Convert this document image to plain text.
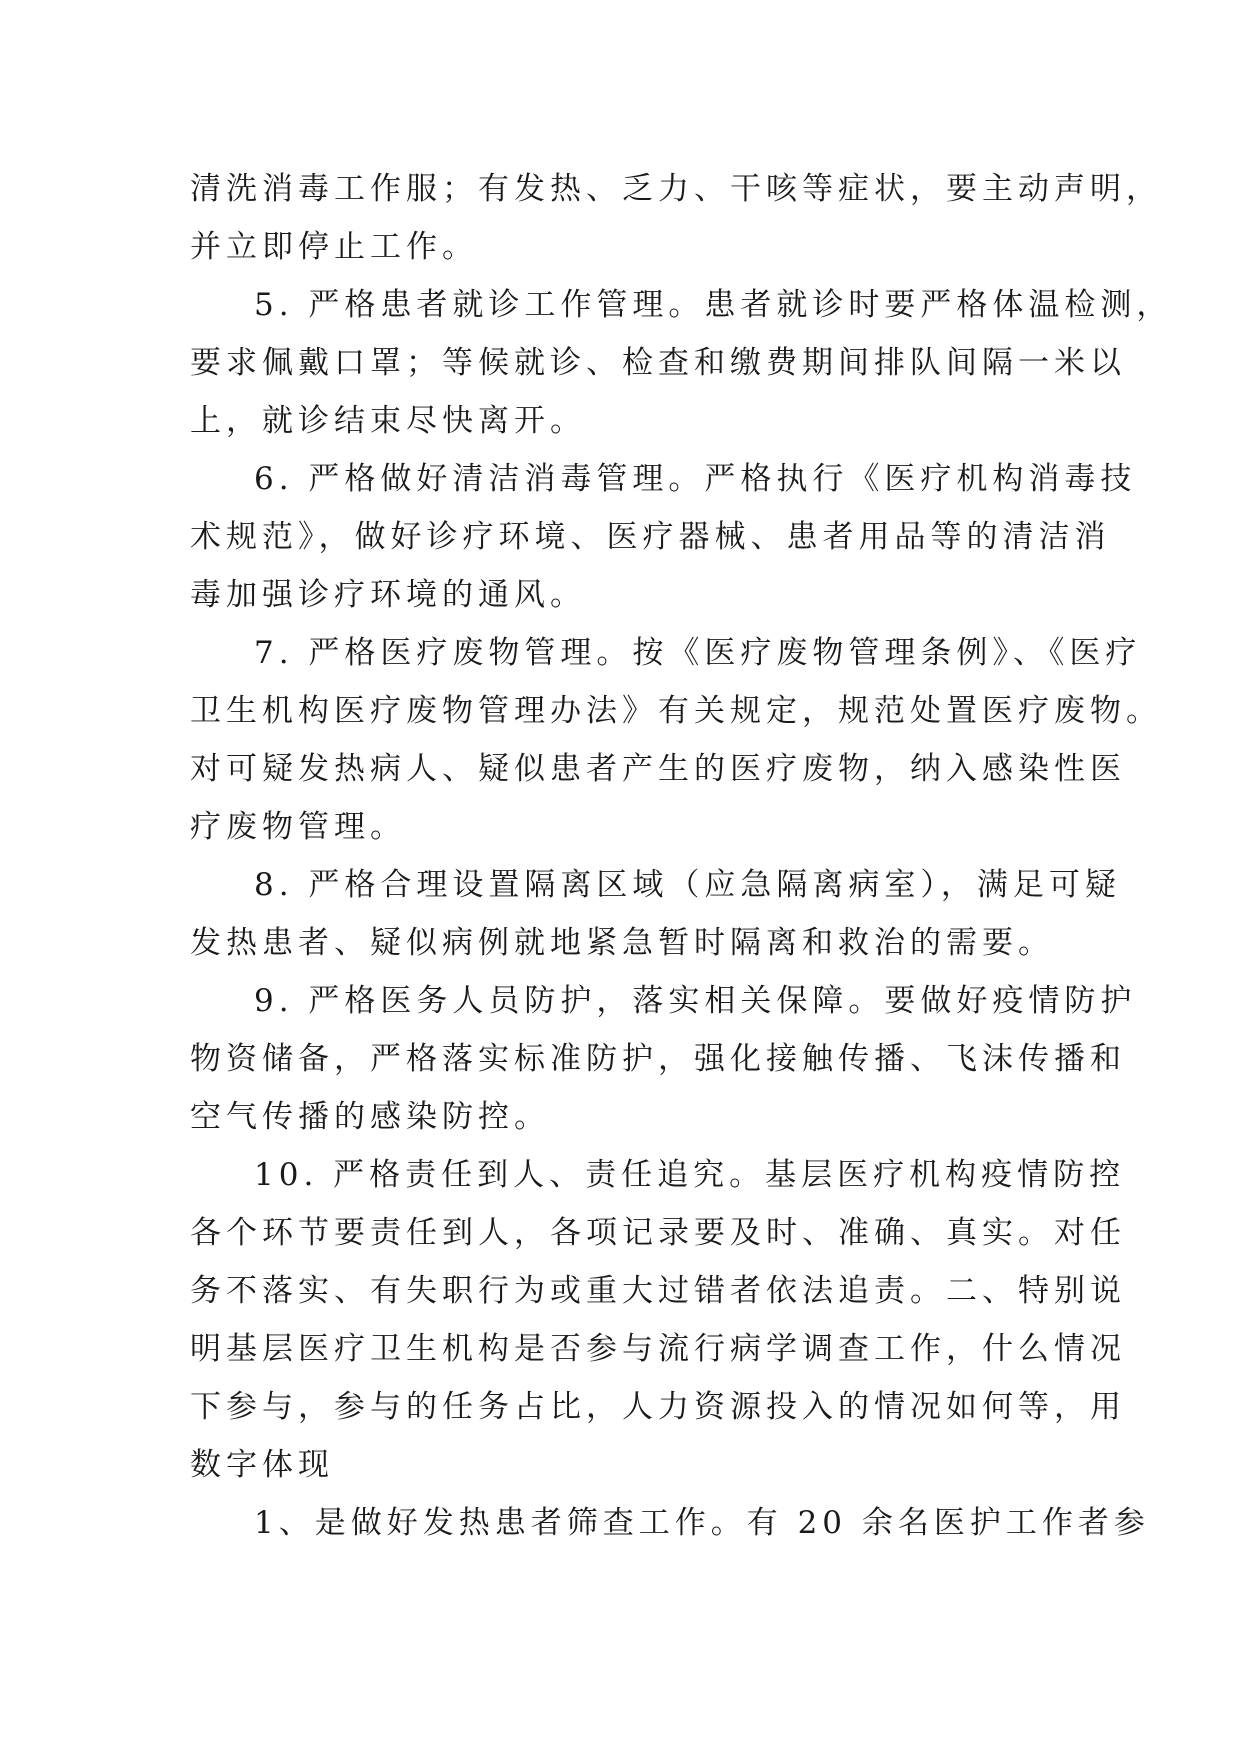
清洗消毒工作服；有发热、乏力、干咳等症状，要主动声明，
并立即停止工作。
5. 严格患者就诊工作管理。患者就诊时要严格体温检测，
要求佩戴口罩；等候就诊、检查和缴费期间排队间隔一米以
上，就诊结束尽快离开。
6. 严格做好清洁消毒管理。严格执行《医疗机构消毒技
术规范》，做好诊疗环境、医疗器械、患者用品等的清洁消
毒加强诊疗环境的通风。
7. 严格医疗废物管理。按《医疗废物管理条例》、《医疗
卫生机构医疗废物管理办法》有关规定，规范处置医疗废物。
对可疑发热病人、疑似患者产生的医疗废物，纳入感染性医
疗废物管理。
8. 严格合理设置隔离区域（应急隔离病室），满足可疑
发热患者、疑似病例就地紧急暂时隔离和救治的需要。
9. 严格医务人员防护，落实相关保障。要做好疫情防护
物资储备，严格落实标准防护，强化接触传播、飞沫传播和
空气传播的感染防控。
10. 严格责任到人、责任追究。基层医疗机构疫情防控
各个环节要责任到人，各项记录要及时、准确、真实。对任
务不落实、有失职行为或重大过错者依法追责。二、特别说
明基层医疗卫生机构是否参与流行病学调查工作，什么情况
下参与，参与的任务占比，人力资源投入的情况如何等，用
数字体现
1、是做好发热患者筛查工作。有 20 余名医护工作者参
